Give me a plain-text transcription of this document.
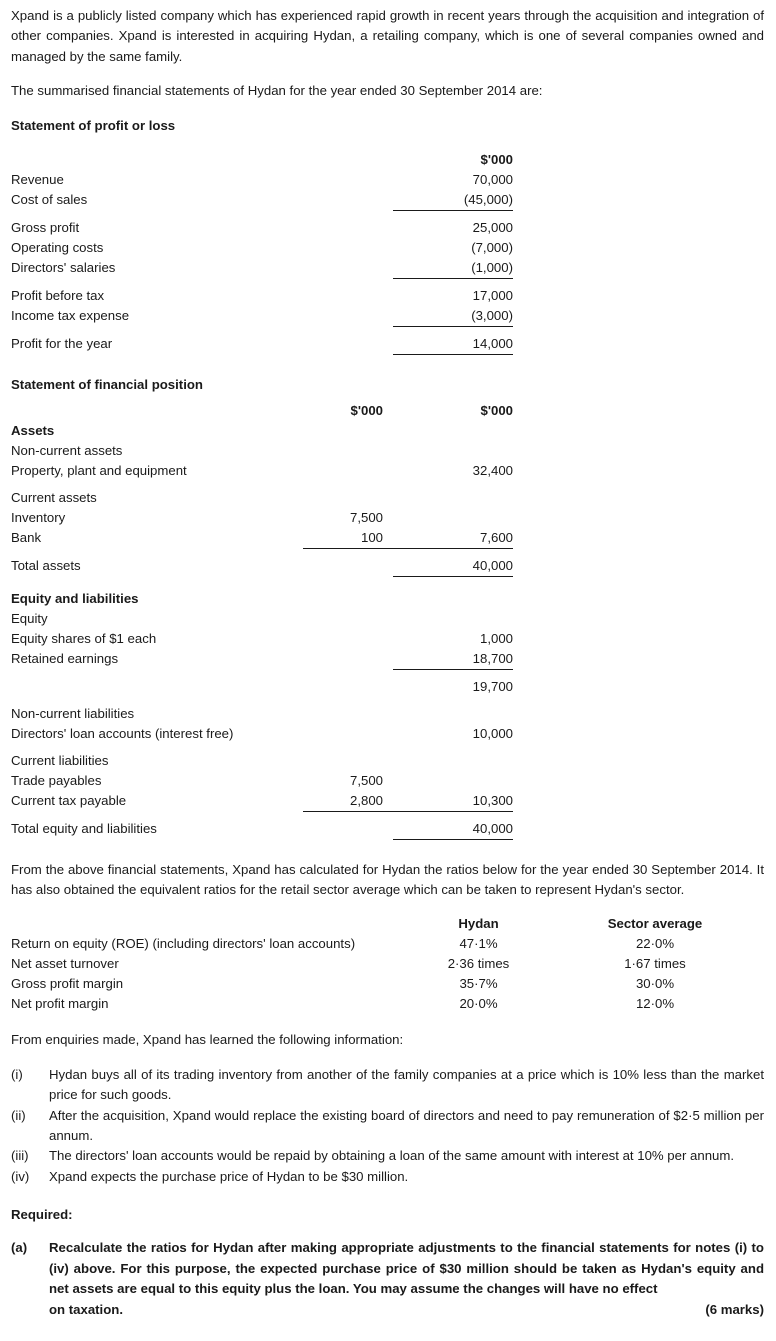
Xpand is a publicly listed company which has experienced rapid growth in recent years through the acquisition and integration of other companies. Xpand is interested in acquiring Hydan, a retailing company, which is one of several companies owned and managed by the same family.

The summarised financial statements of Hydan for the year ended 30 September 2014 are:

Statement of profit or loss
		$'000
Revenue		70,000
Cost of sales		(45,000)

Gross profit		25,000
Operating costs		(7,000)
Directors' salaries		(1,000)

Profit before tax		17,000
Income tax expense		(3,000)

Profit for the year		14,000
Statement of financial position
	$'000	$'000
Assets		
Non-current assets		
Property, plant and equipment		32,400

Current assets		
Inventory	7,500	
Bank	100	7,600

Total assets		40,000

Equity and liabilities		
Equity		
Equity shares of $1 each		1,000
Retained earnings		18,700

		19,700

Non-current liabilities		
Directors' loan accounts (interest free)		10,000

Current liabilities		
Trade payables	7,500	
Current tax payable	2,800	10,300

Total equity and liabilities		40,000

From the above financial statements, Xpand has calculated for Hydan the ratios below for the year ended 30 September 2014. It has also obtained the equivalent ratios for the retail sector average which can be taken to represent Hydan's sector.

	Hydan	Sector average
Return on equity (ROE) (including directors' loan accounts)	47·1%	22·0%
Net asset turnover	2·36 times	1·67 times
Gross profit margin	35·7%	30·0%
Net profit margin	20·0%	12·0%

From enquiries made, Xpand has learned the following information:

(i)	Hydan buys all of its trading inventory from another of the family companies at a price which is 10% less than the market price for such goods.
(ii)	After the acquisition, Xpand would replace the existing board of directors and need to pay remuneration of $2·5 million per annum.
(iii)	The directors' loan accounts would be repaid by obtaining a loan of the same amount with interest at 10% per annum.
(iv)	Xpand expects the purchase price of Hydan to be $30 million.
Required:
(a)	Recalculate the ratios for Hydan after making appropriate adjustments to the financial statements for notes (i) to (iv) above. For this purpose, the expected purchase price of $30 million should be taken as Hydan's equity and net assets are equal to this equity plus the loan. You may assume the changes will have no effect
on taxation.	(6 marks)
